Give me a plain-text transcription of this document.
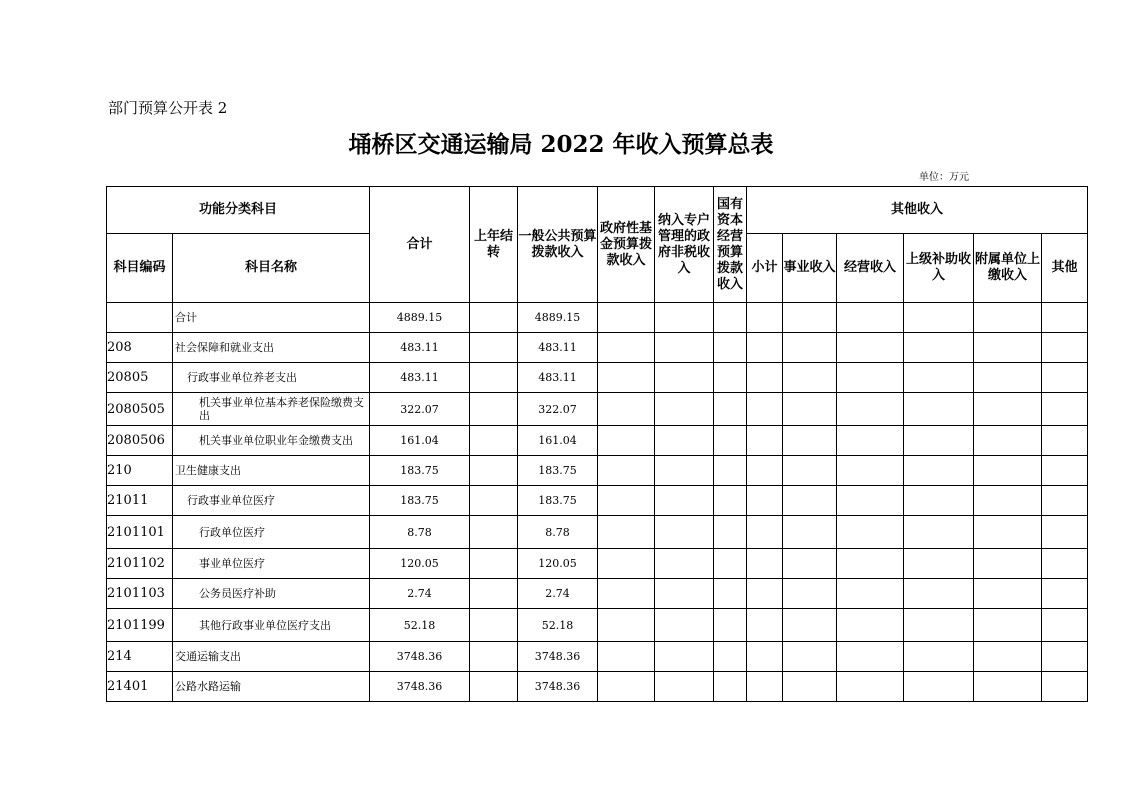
部门预算公开表 2
埇桥区交通运输局 2022 年收入预算总表
单位：万元
功能分类科目		合计	上年结转	一般公共预算拨款收入	政府性基金预算拨款收入	纳入专户管理的政府非税收入	国有资本经营预算拨款收入	其他收入					
科目编码	科目名称							小计	事业收入	经营收入	上级补助收入	附属单位上缴收入	其他
	合计	4889.15		4889.15									
208	社会保障和就业支出	483.11		483.11									
20805	行政事业单位养老支出	483.11		483.11									
2080505	机关事业单位基本养老保险缴费支出	322.07		322.07									
2080506	机关事业单位职业年金缴费支出	161.04		161.04									
210	卫生健康支出	183.75		183.75									
21011	行政事业单位医疗	183.75		183.75									
2101101	行政单位医疗	8.78		8.78									
2101102	事业单位医疗	120.05		120.05									
2101103	公务员医疗补助	2.74		2.74									
2101199	其他行政事业单位医疗支出	52.18		52.18									
214	交通运输支出	3748.36		3748.36									
21401	公路水路运输	3748.36		3748.36									
